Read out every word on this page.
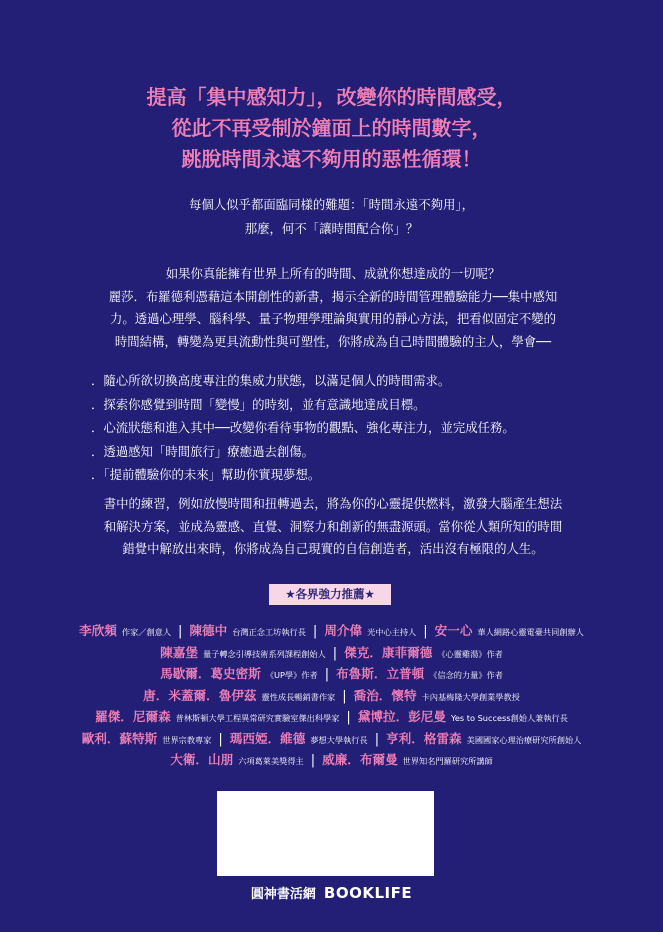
提高「集中感知力」，改變你的時間感受，
從此不再受制於鐘面上的時間數字，
跳脫時間永遠不夠用的惡性循環！
每個人似乎都面臨同樣的難題：「時間永遠不夠用」，
那麼，何不「讓時間配合你」？
如果你真能擁有世界上所有的時間、成就你想達成的一切呢？
麗莎．布羅德利憑藉這本開創性的新書，揭示全新的時間管理體驗能力──集中感知
力。透過心理學、腦科學、量子物理學理論與實用的靜心方法，把看似固定不變的
時間結構，轉變為更具流動性與可塑性，你將成為自己時間體驗的主人，學會──
．隨心所欲切換高度專注的集威力狀態，以滿足個人的時間需求。
．探索你感覺到時間「變慢」的時刻，並有意識地達成目標。
．心流狀態和進入其中──改變你看待事物的觀點、強化專注力，並完成任務。
．透過感知「時間旅行」療癒過去創傷。
．「提前體驗你的未來」幫助你實現夢想。
書中的練習，例如放慢時間和扭轉過去，將為你的心靈提供燃料，激發大腦產生想法
和解決方案，並成為靈感、直覺、洞察力和創新的無盡源頭。當你從人類所知的時間
錯覺中解放出來時，你將成為自己現實的自信創造者，活出沒有極限的人生。
★各界強力推薦★
李欣頻 作家／創意人 | 陳德中 台灣正念工坊執行長 | 周介偉 光中心主持人 | 安一心 華人網路心靈電臺共同創辦人
陳嘉堡 量子轉念引導技術系列課程創始人 | 傑克．康菲爾德 《心靈雞湯》作者
馬歇爾．葛史密斯 《UP學》作者 | 布魯斯．立普頓 《信念的力量》作者
唐．米蓋爾．魯伊茲 靈性成長暢銷書作家 | 喬治．懷特 卡內基梅隆大學創業學教授
羅傑．尼爾森 普林斯頓大學工程異常研究實驗室傑出科學家 | 黛博拉．彭尼曼 Yes to Success創始人兼執行長
歐利．蘇特斯 世界宗教專家 | 瑪西婭．維德 夢想大學執行長 | 亨利．格雷森 美國國家心理治療研究所創始人
大衛．山朋 六項葛萊美獎得主 | 威廉．布爾曼 世界知名門羅研究所講師
圓神書活網 BOOKLIFE
